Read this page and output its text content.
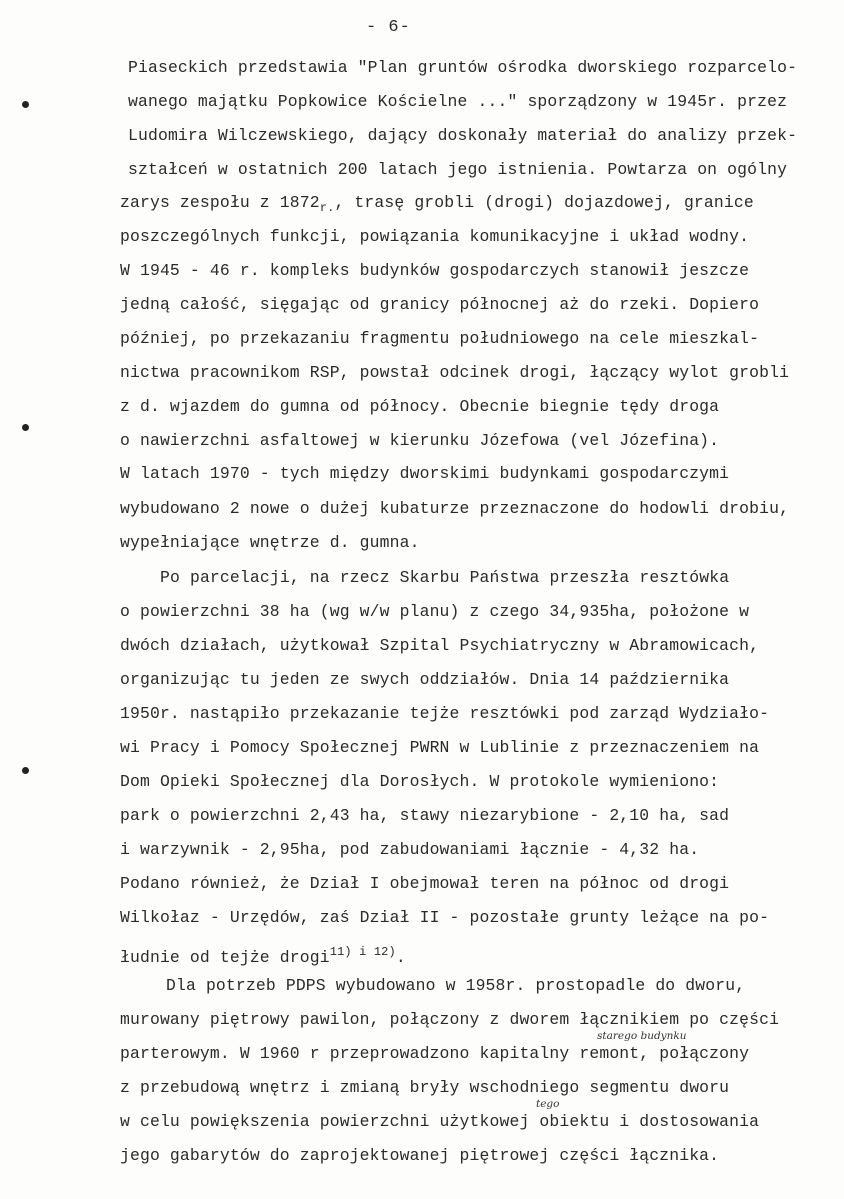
- 6-
Piaseckich przedstawia "Plan gruntów ośrodka dworskiego rozparcelo-
wanego majątku Popkowice Kościelne ..." sporządzony w 1945r. przez
Ludomira Wilczewskiego, dający doskonały materiał do analizy przek-
ształceń w ostatnich 200 latach jego istnienia. Powtarza on ogólny
zarys zespołu z $1872_{r.}$, trasę grobli (drogi) dojazdowej, granice
poszczególnych funkcji, powiązania komunikacyjne i układ wodny.
W 1945 - 46 r. kompleks budynków gospodarczych stanowił jeszcze
jedną całość, sięgając od granicy północnej aż do rzeki. Dopiero
później, po przekazaniu fragmentu południowego na cele mieszkal-
nictwa pracownikom RSP, powstał odcinek drogi, łączący wylot grobli
z d. wjazdem do gumna od północy. Obecnie biegnie tędy droga
o nawierzchni asfaltowej w kierunku Józefowa (vel Józefina).
W latach 1970 - tych między dworskimi budynkami gospodarczymi
wybudowano 2 nowe o dużej kubaturze przeznaczone do hodowli drobiu,
wypełniające wnętrze d. gumna.
Po parcelacji, na rzecz Skarbu Państwa przeszła resztówka
o powierzchni 38 ha (wg w/w planu) z czego 34,935ha, położone w
dwóch działach, użytkował Szpital Psychiatryczny w Abramowicach,
organizując tu jeden ze swych oddziałów. Dnia 14 października
1950r. nastąpiło przekazanie tejże resztówki pod zarząd Wydziało-
wi Pracy i Pomocy Społecznej PWRN w Lublinie z przeznaczeniem na
Dom Opieki Społecznej dla Dorosłych. W protokole wymieniono:
park o powierzchni 2,43 ha, stawy niezarybione - 2,10 ha, sad
i warzywnik - 2,95ha, pod zabudowaniami łącznie - 4,32 ha.
Podano również, że Dział I obejmował teren na północ od drogi
Wilkołaz - Urzędów, zaś Dział II - pozostałe grunty leżące na po-
łudnie od tejże drogi$^{11) i 12)}$.
Dla potrzeb PDPS wybudowano w 1958r. prostopadle do dworu,
murowany piętrowy pawilon, połączony z dworem łącznikiem po części
parterowym. W 1960 r przeprowadzono kapitalny remont, połączony
z przebudową wnętrz i zmianą bryły wschodniego segmentu dworu
w celu powiększenia powierzchni użytkowej obiektu i dostosowania
jego gabarytów do zaprojektowanej piętrowej części łącznika.
starego budynku
tego
